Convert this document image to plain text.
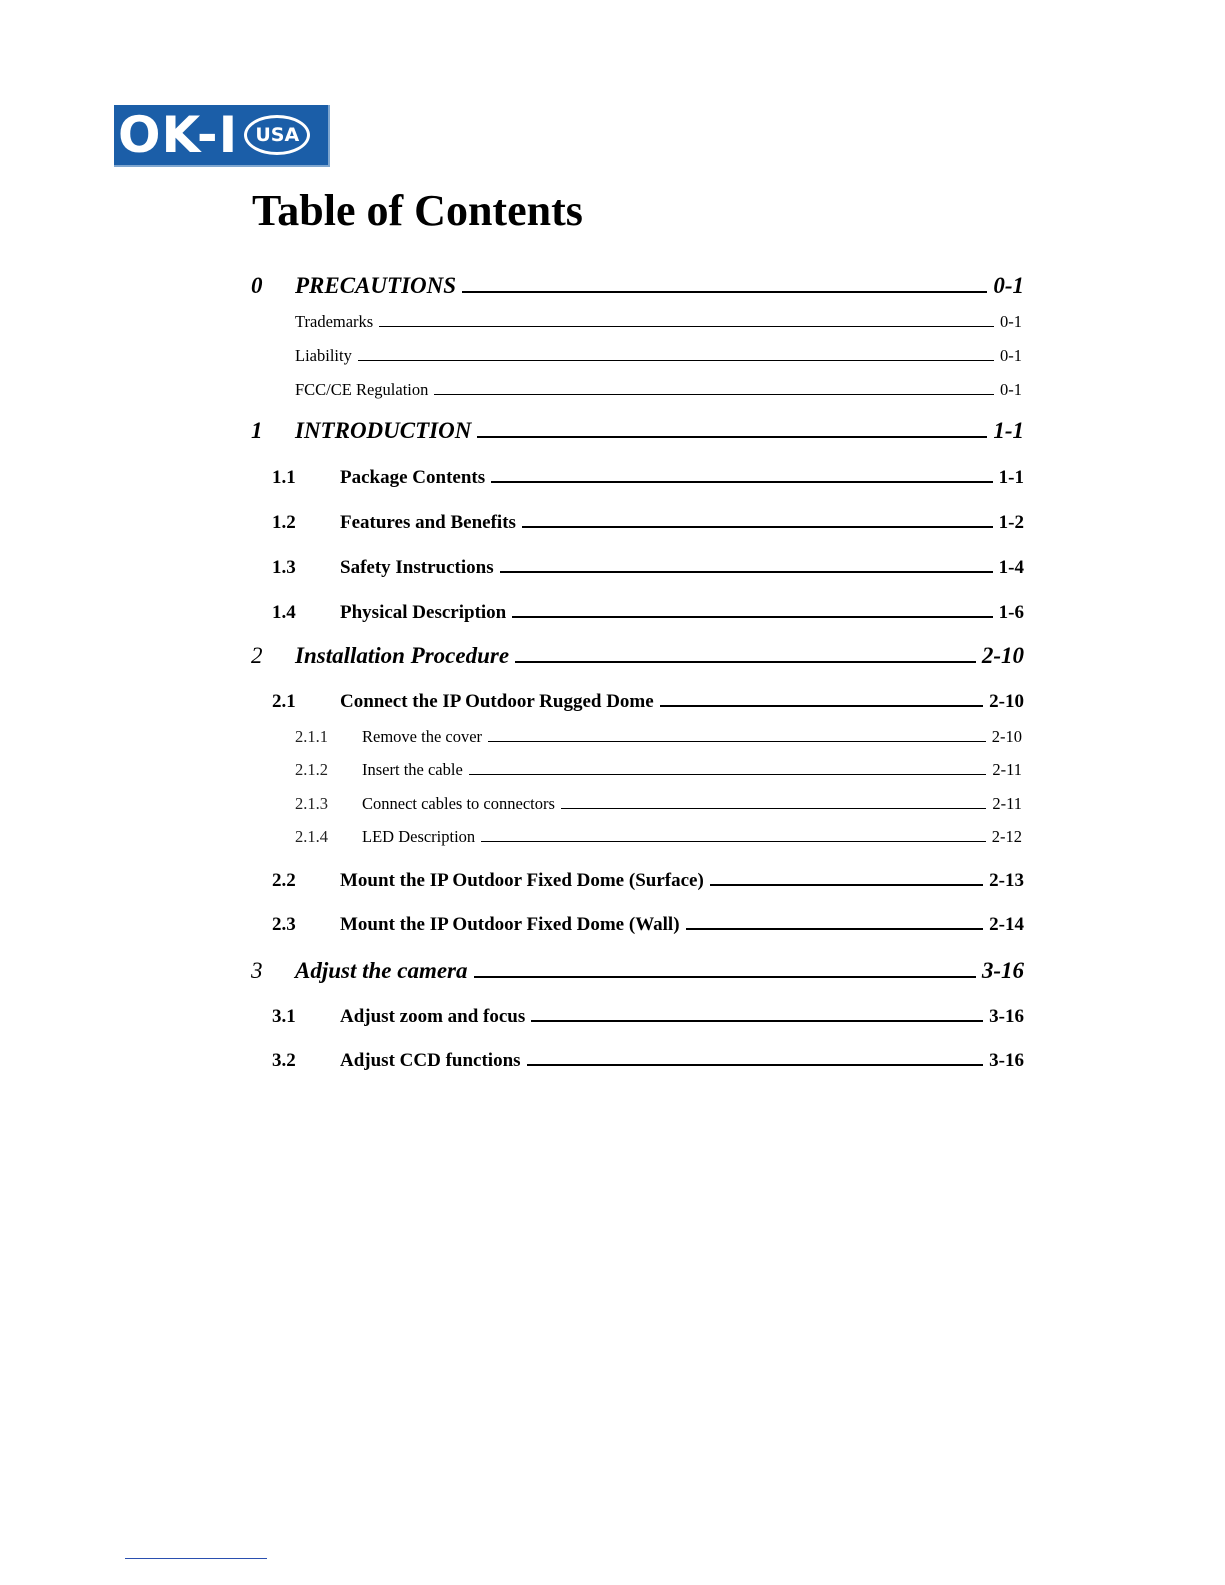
OK-I USA
Table of Contents
0 PRECAUTIONS	0-1
Trademarks	0-1
Liability	0-1
FCC/CE Regulation	0-1
1 INTRODUCTION	1-1
1.1 Package Contents	1-1
1.2 Features and Benefits	1-2
1.3 Safety Instructions	1-4
1.4 Physical Description	1-6
2 Installation Procedure	2-10
2.1 Connect the IP Outdoor Rugged Dome	2-10
2.1.1 Remove the cover	2-10
2.1.2 Insert the cable	2-11
2.1.3 Connect cables to connectors	2-11
2.1.4 LED Description	2-12
2.2 Mount the IP Outdoor Fixed Dome (Surface)	2-13
2.3 Mount the IP Outdoor Fixed Dome (Wall)	2-14
3 Adjust the camera	3-16
3.1 Adjust zoom and focus	3-16
3.2 Adjust CCD functions	3-16
